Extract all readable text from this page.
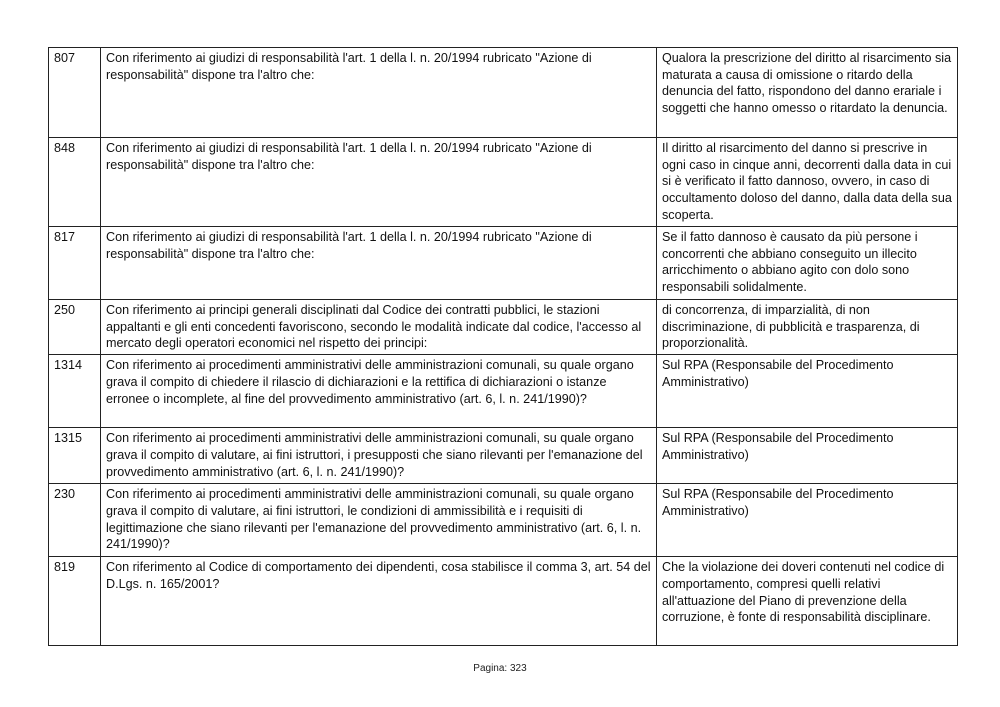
807	Con riferimento ai giudizi di responsabilità l'art. 1 della l. n. 20/1994 rubricato "Azione di responsabilità" dispone tra l'altro che:	Qualora la prescrizione del diritto al risarcimento sia maturata a causa di omissione o ritardo della denuncia del fatto, rispondono del danno erariale i soggetti che hanno omesso o ritardato la denuncia.
848	Con riferimento ai giudizi di responsabilità l'art. 1 della l. n. 20/1994 rubricato "Azione di responsabilità" dispone tra l'altro che:	Il diritto al risarcimento del danno si prescrive in ogni caso in cinque anni, decorrenti dalla data in cui si è verificato il fatto dannoso, ovvero, in caso di occultamento doloso del danno, dalla data della sua scoperta.
817	Con riferimento ai giudizi di responsabilità l'art. 1 della l. n. 20/1994 rubricato "Azione di responsabilità" dispone tra l'altro che:	Se il fatto dannoso è causato da più persone i concorrenti che abbiano conseguito un illecito arricchimento o abbiano agito con dolo sono responsabili solidalmente.
250	Con riferimento ai principi generali disciplinati dal Codice dei contratti pubblici, le stazioni appaltanti e gli enti concedenti favoriscono, secondo le modalità indicate dal codice, l'accesso al mercato degli operatori economici nel rispetto dei principi:	di concorrenza, di imparzialità, di non discriminazione, di pubblicità e trasparenza, di proporzionalità.
1314	Con riferimento ai procedimenti amministrativi delle amministrazioni comunali, su quale organo grava il compito di chiedere il rilascio di dichiarazioni e la rettifica di dichiarazioni o istanze erronee o incomplete, al fine del provvedimento amministrativo (art. 6, l. n. 241/1990)?	Sul RPA (Responsabile del Procedimento Amministrativo)
1315	Con riferimento ai procedimenti amministrativi delle amministrazioni comunali, su quale organo grava il compito di valutare, ai fini istruttori, i presupposti che siano rilevanti per l'emanazione del provvedimento amministrativo (art. 6, l. n. 241/1990)?	Sul RPA (Responsabile del Procedimento Amministrativo)
230	Con riferimento ai procedimenti amministrativi delle amministrazioni comunali, su quale organo grava il compito di valutare, ai fini istruttori, le condizioni di ammissibilità e i requisiti di legittimazione che siano rilevanti per l'emanazione del provvedimento amministrativo (art. 6, l. n. 241/1990)?	Sul RPA (Responsabile del Procedimento Amministrativo)
819	Con riferimento al Codice di comportamento dei dipendenti, cosa stabilisce il comma 3, art. 54 del D.Lgs. n. 165/2001?	Che la violazione dei doveri contenuti nel codice di comportamento, compresi quelli relativi all'attuazione del Piano di prevenzione della corruzione, è fonte di responsabilità disciplinare.
Pagina: 323
